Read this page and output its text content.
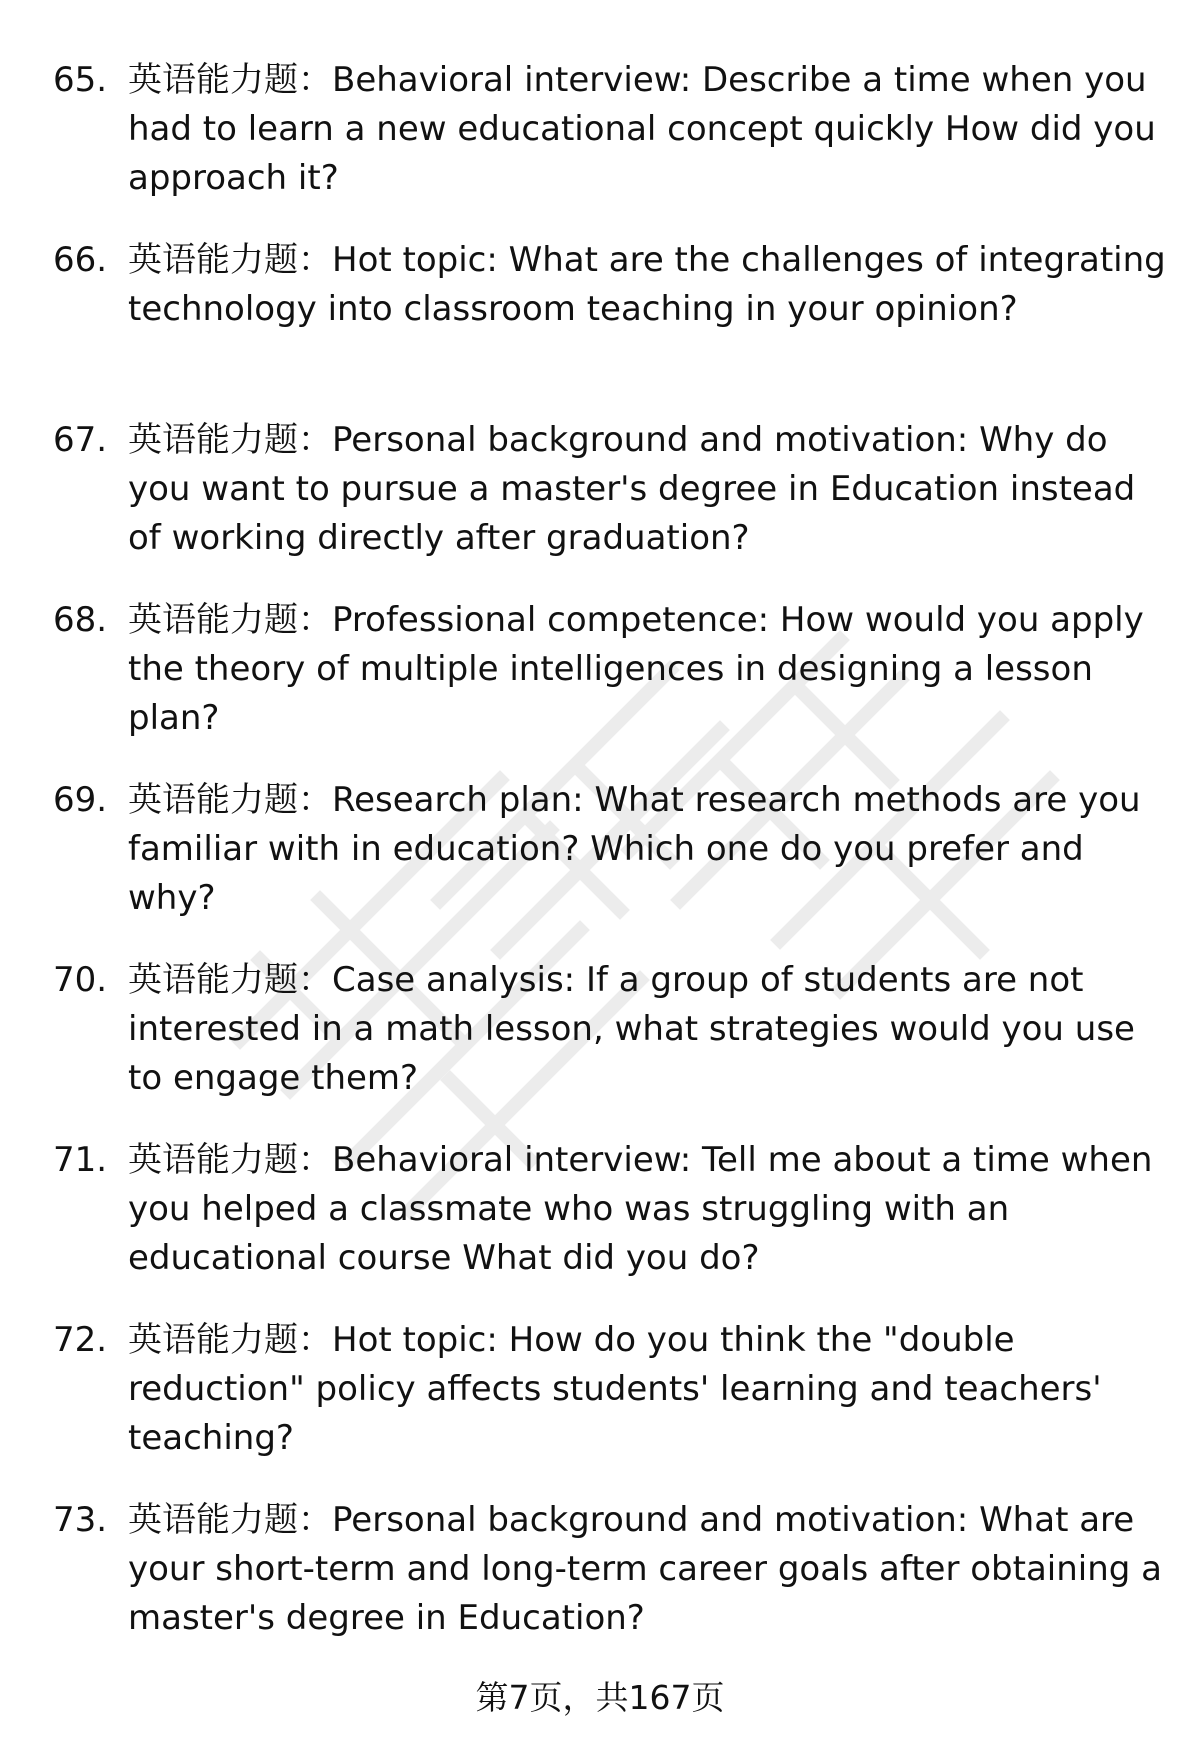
65. 英语能力题：Behavioral interview: Describe a time when you had to learn a new educational concept quickly How did you approach it?
66. 英语能力题：Hot topic: What are the challenges of integrating technology into classroom teaching in your opinion?
67. 英语能力题：Personal background and motivation: Why do you want to pursue a master's degree in Education instead of working directly after graduation?
68. 英语能力题：Professional competence: How would you apply the theory of multiple intelligences in designing a lesson plan?
69. 英语能力题：Research plan: What research methods are you familiar with in education? Which one do you prefer and why?
70. 英语能力题：Case analysis: If a group of students are not interested in a math lesson, what strategies would you use to engage them?
71. 英语能力题：Behavioral interview: Tell me about a time when you helped a classmate who was struggling with an educational course What did you do?
72. 英语能力题：Hot topic: How do you think the "double reduction" policy affects students' learning and teachers' teaching?
73. 英语能力题：Personal background and motivation: What are your short-term and long-term career goals after obtaining a master's degree in Education?
第7页，共167页
